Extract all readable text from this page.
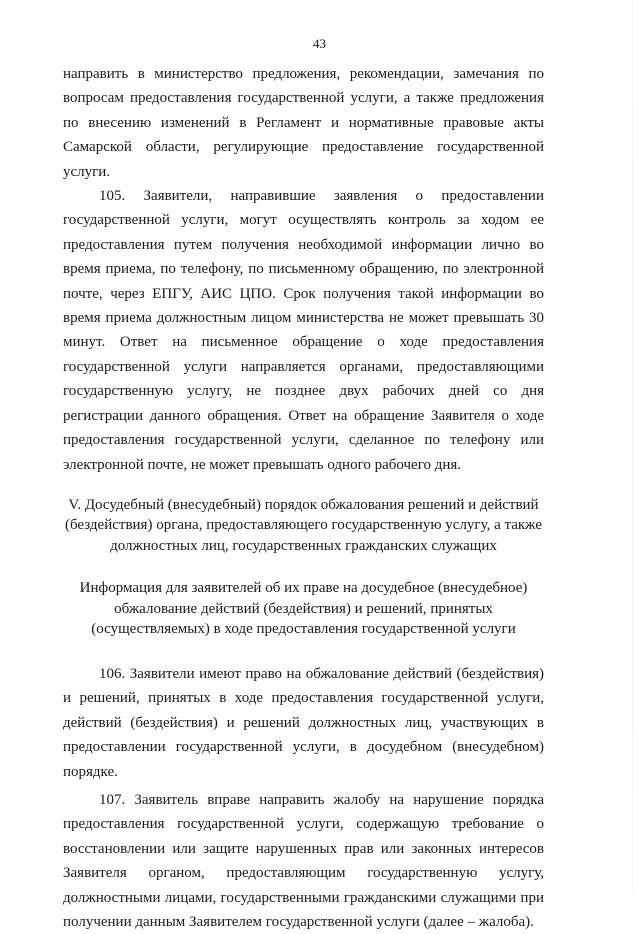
43

направить в министерство предложения, рекомендации, замечания по вопросам предоставления государственной услуги, а также предложения по внесению изменений в Регламент и нормативные правовые акты Самарской области, регулирующие предоставление государственной услуги.

105. Заявители, направившие заявления о предоставлении государственной услуги, могут осуществлять контроль за ходом ее предоставления путем получения необходимой информации лично во время приема, по телефону, по письменному обращению, по электронной почте, через ЕПГУ, АИС ЦПО. Срок получения такой информации во время приема должностным лицом министерства не может превышать 30 минут. Ответ на письменное обращение о ходе предоставления государственной услуги направляется органами, предоставляющими государственную услугу, не позднее двух рабочих дней со дня регистрации данного обращения. Ответ на обращение Заявителя о ходе предоставления государственной услуги, сделанное по телефону или электронной почте, не может превышать одного рабочего дня.

V. Досудебный (внесудебный) порядок обжалования решений и действий
(бездействия) органа, предоставляющего государственную услугу, а также
должностных лиц, государственных гражданских служащих
Информация для заявителей об их праве на досудебное (внесудебное)
обжалование действий (бездействия) и решений, принятых
(осуществляемых) в ходе предоставления государственной услуги

106. Заявители имеют право на обжалование действий (бездействия) и решений, принятых в ходе предоставления государственной услуги, действий (бездействия) и решений должностных лиц, участвующих в предоставлении государственной услуги, в досудебном (внесудебном) порядке.

107. Заявитель вправе направить жалобу на нарушение порядка предоставления государственной услуги, содержащую требование о восстановлении или защите нарушенных прав или законных интересов Заявителя органом, предоставляющим государственную услугу, должностными лицами, государственными гражданскими служащими при получении данным Заявителем государственной услуги (далее – жалоба).
